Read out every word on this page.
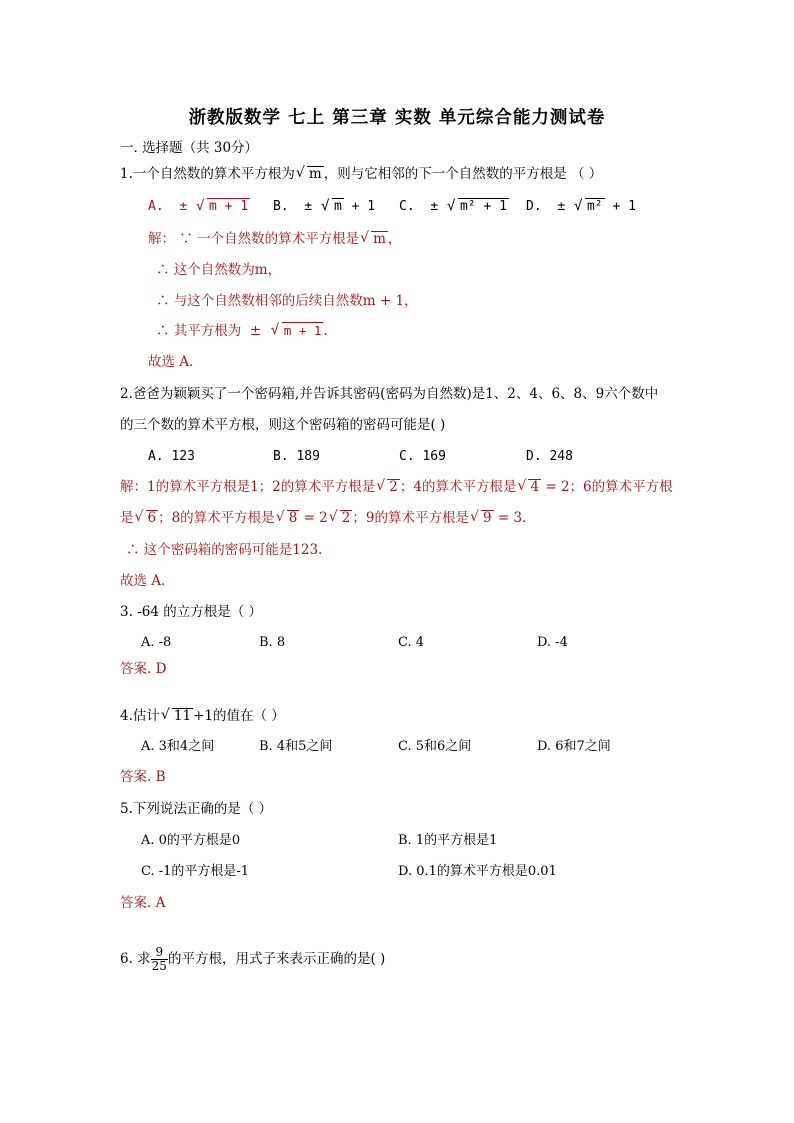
浙教版数学 七上 第三章 实数 单元综合能力测试卷
一. 选择题（共 30分）
1.一个自然数的算术平方根为 √ m ，则与它相邻的下一个自然数的平方根是 （ ）
A. ± √ m + 1 B. ± √ m + 1 C. ± √ m² + 1 D. ± √ m² + 1
解： ∵ 一个自然数的算术平方根是 √ m ，
∴ 这个自然数为m，
∴ 与这个自然数相邻的后续自然数m + 1，
∴ 其平方根为 ± √ m + 1 .
故选 A.
2.爸爸为颖颖买了一个密码箱,并告诉其密码(密码为自然数)是1、2、4、6、8、9六个数中
的三个数的算术平方根，则这个密码箱的密码可能是( )
A. 123	B. 189	C. 169	D. 248
解：1的算术平方根是1；2的算术平方根是 √ 2 ；4的算术平方根是 √ 4 = 2；6的算术平方根
是 √ 6 ；8的算术平方根是 √ 8 = 2 √ 2 ；9的算术平方根是 √ 9 = 3.
∴ 这个密码箱的密码可能是123.
故选 A.
3. -64 的立方根是（ ）
A. -8	B. 8	C. 4	D. -4
答案. D
4.估计 √ 11 +1的值在（ ）
A. 3和4之间	B. 4和5之间	C. 5和6之间	D. 6和7之间
答案. B
5.下列说法正确的是（ ）
A. 0的平方根是0	B. 1的平方根是1
C. -1的平方根是-1	D. 0.1的算术平方根是0.01
答案. A
6. 求 $\frac{9}{25}$ 的平方根，用式子来表示正确的是( )
